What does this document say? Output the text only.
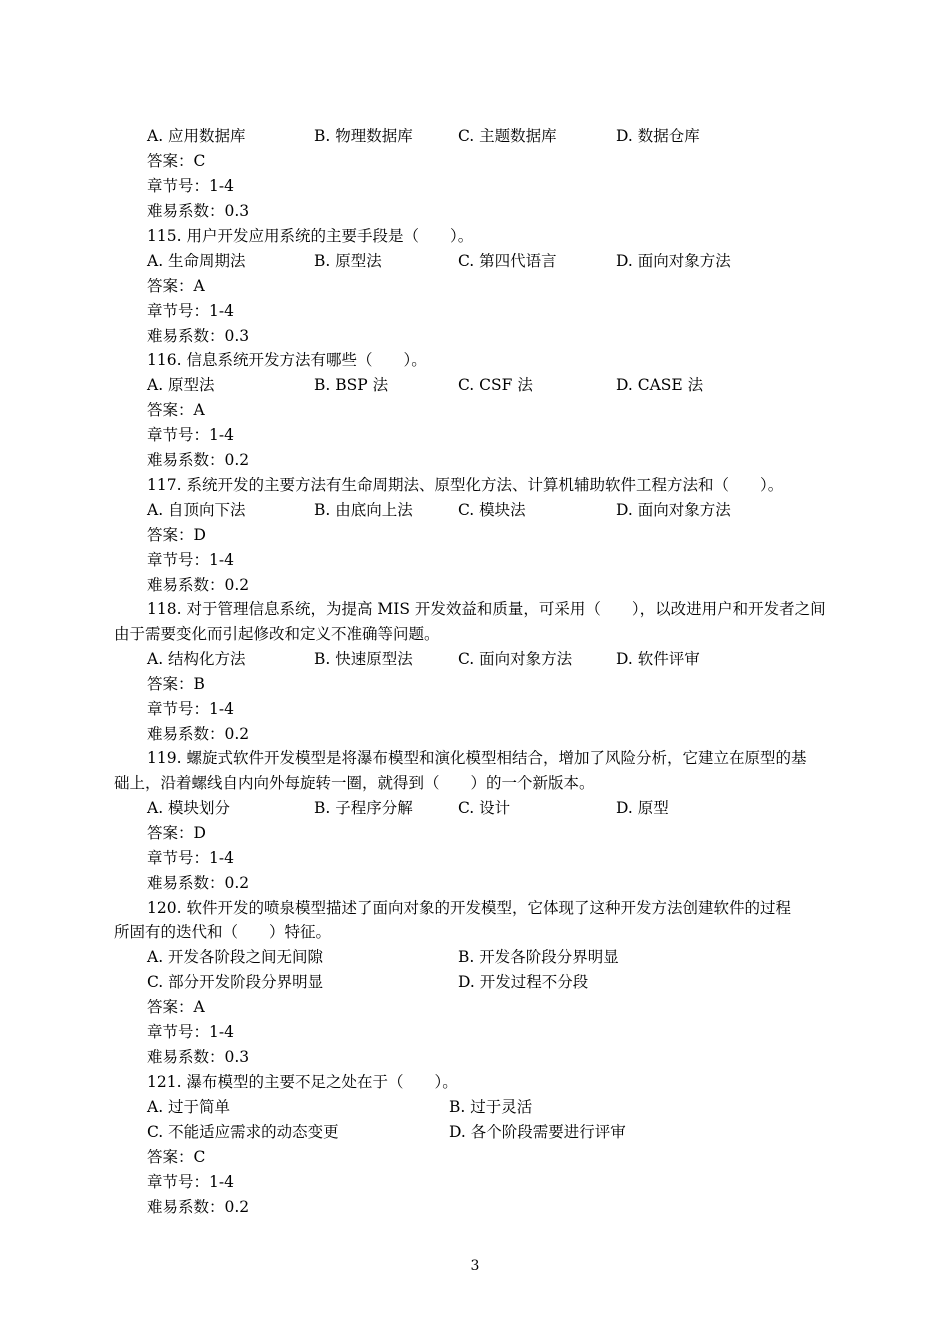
A. 应用数据库	B. 物理数据库	C. 主题数据库	D. 数据仓库
答案：C
章节号：1-4
难易系数：0.3
115. 用户开发应用系统的主要手段是（　　）。
A. 生命周期法	B. 原型法	C. 第四代语言	D. 面向对象方法
答案：A
章节号：1-4
难易系数：0.3
116. 信息系统开发方法有哪些（　　）。
A. 原型法	B. BSP 法	C. CSF 法	D. CASE 法
答案：A
章节号：1-4
难易系数：0.2
117. 系统开发的主要方法有生命周期法、原型化方法、计算机辅助软件工程方法和（　　）。
A. 自顶向下法	B. 由底向上法	C. 模块法	D. 面向对象方法
答案：D
章节号：1-4
难易系数：0.2
118. 对于管理信息系统，为提高 MIS 开发效益和质量，可采用（　　），以改进用户和开发者之间
由于需要变化而引起修改和定义不准确等问题。
A. 结构化方法	B. 快速原型法	C. 面向对象方法	D. 软件评审
答案：B
章节号：1-4
难易系数：0.2
119. 螺旋式软件开发模型是将瀑布模型和演化模型相结合，增加了风险分析，它建立在原型的基
础上，沿着螺线自内向外每旋转一圈，就得到（　　）的一个新版本。
A. 模块划分	B. 子程序分解	C. 设计	D. 原型
答案：D
章节号：1-4
难易系数：0.2
120. 软件开发的喷泉模型描述了面向对象的开发模型，它体现了这种开发方法创建软件的过程
所固有的迭代和（　　）特征。
A. 开发各阶段之间无间隙	B. 开发各阶段分界明显
C. 部分开发阶段分界明显	D. 开发过程不分段
答案：A
章节号：1-4
难易系数：0.3
121. 瀑布模型的主要不足之处在于（　　）。
A. 过于简单	B. 过于灵活
C. 不能适应需求的动态变更	D. 各个阶段需要进行评审
答案：C
章节号：1-4
难易系数：0.2
3
